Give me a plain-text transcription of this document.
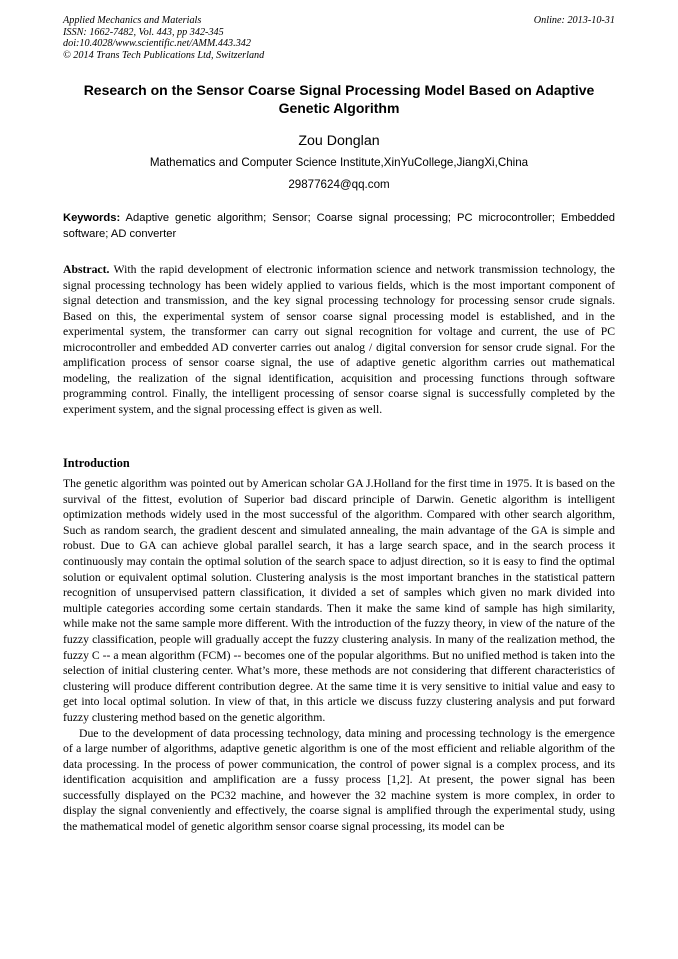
Applied Mechanics and Materials
ISSN: 1662-7482, Vol. 443, pp 342-345
doi:10.4028/www.scientific.net/AMM.443.342
© 2014 Trans Tech Publications Ltd, Switzerland
Online: 2013-10-31
Research on the Sensor Coarse Signal Processing Model Based on Adaptive Genetic Algorithm
Zou Donglan
Mathematics and Computer Science Institute,XinYuCollege,JiangXi,China
29877624@qq.com
Keywords: Adaptive genetic algorithm; Sensor; Coarse signal processing; PC microcontroller; Embedded software; AD converter
Abstract. With the rapid development of electronic information science and network transmission technology, the signal processing technology has been widely applied to various fields, which is the most important component of signal detection and transmission, and the key signal processing technology for processing sensor crude signals. Based on this, the experimental system of sensor coarse signal processing model is established, and in the experimental system, the transformer can carry out signal recognition for voltage and current, the use of PC microcontroller and embedded AD converter carries out analog / digital conversion for sensor crude signal. For the amplification process of sensor coarse signal, the use of adaptive genetic algorithm carries out mathematical modeling, the realization of the signal identification, acquisition and processing functions through software programming control. Finally, the intelligent processing of sensor coarse signal is successfully completed by the experiment system, and the signal processing effect is given as well.
Introduction

The genetic algorithm was pointed out by American scholar GA J.Holland for the first time in 1975. It is based on the survival of the fittest, evolution of Superior bad discard principle of Darwin. Genetic algorithm is intelligent optimization methods widely used in the most successful of the algorithm. Compared with other search algorithm, Such as random search, the gradient descent and simulated annealing, the main advantage of the GA is simple and robust. Due to GA can achieve global parallel search, it has a large search space, and in the search process it continuously may contain the optimal solution of the search space to adjust direction, so it is easy to find the optimal solution or equivalent optimal solution. Clustering analysis is the most important branches in the statistical pattern recognition of unsupervised pattern classification, it divided a set of samples which given no mark divided into multiple categories according some certain standards. Then it make the same kind of sample has high similarity, while make not the same sample more different. With the introduction of the fuzzy theory, in view of the nature of the fuzzy classification, people will gradually accept the fuzzy clustering analysis. In many of the realization method, the fuzzy C -- a mean algorithm (FCM) -- becomes one of the popular algorithms. But no unified method is taken into the selection of initial clustering center. What’s more, these methods are not considering that different characteristics of clustering will produce different contribution degree. At the same time it is very sensitive to initial value and easy to get into local optimal solution. In view of that, in this article we discuss fuzzy clustering analysis and put forward fuzzy clustering method based on the genetic algorithm.

Due to the development of data processing technology, data mining and processing technology is the emergence of a large number of algorithms, adaptive genetic algorithm is one of the most efficient and reliable algorithm of the data processing. In the process of power communication, the control of power signal is a complex process, and its identification acquisition and amplification are a fussy process [1,2]. At present, the power signal has been successfully displayed on the PC32 machine, and however the 32 machine system is more complex, in order to display the signal conveniently and effectively, the coarse signal is amplified through the experimental study, using the mathematical model of genetic algorithm sensor coarse signal processing, its model can be
